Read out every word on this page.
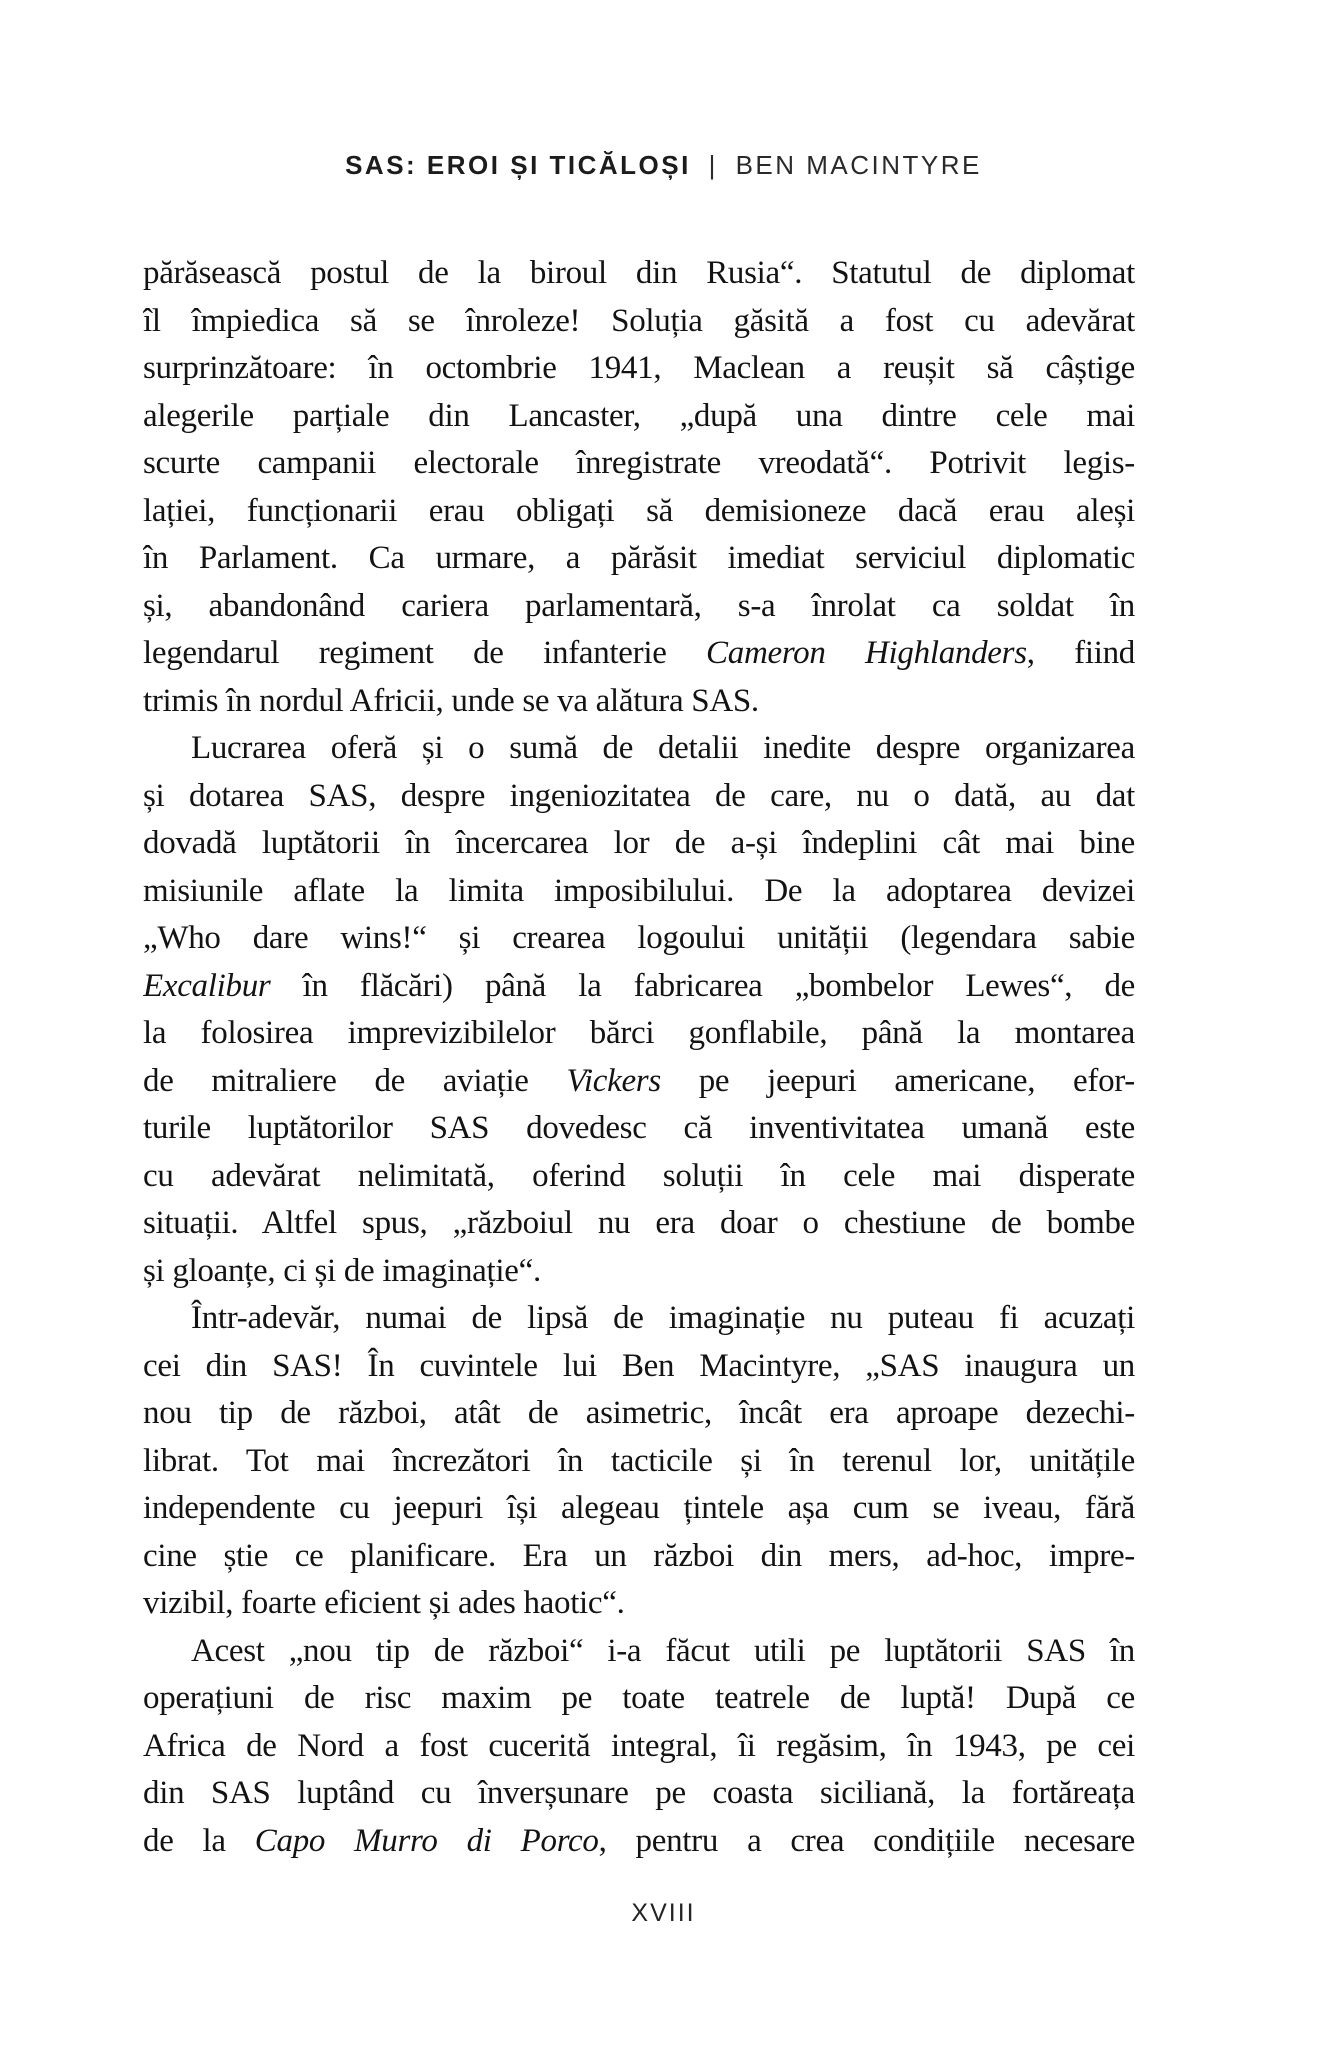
SAS: EROI ȘI TICĂLOȘI | BEN MACINTYRE
părăsească postul de la biroul din Rusia“. Statutul de diplomat
îl împiedica să se înroleze! Soluția găsită a fost cu adevărat
surprinzătoare: în octombrie 1941, Maclean a reușit să câștige
alegerile parțiale din Lancaster, „după una dintre cele mai
scurte campanii electorale înregistrate vreodată“. Potrivit legis-
lației, funcționarii erau obligați să demisioneze dacă erau aleși
în Parlament. Ca urmare, a părăsit imediat serviciul diplomatic
și, abandonând cariera parlamentară, s-a înrolat ca soldat în
legendarul regiment de infanterie Cameron Highlanders, fiind
trimis în nordul Africii, unde se va alătura SAS.
Lucrarea oferă și o sumă de detalii inedite despre organizarea
și dotarea SAS, despre ingeniozitatea de care, nu o dată, au dat
dovadă luptătorii în încercarea lor de a-și îndeplini cât mai bine
misiunile aflate la limita imposibilului. De la adoptarea devizei
„Who dare wins!“ și crearea logoului unității (legendara sabie
Excalibur în flăcări) până la fabricarea „bombelor Lewes“, de
la folosirea imprevizibilelor bărci gonflabile, până la montarea
de mitraliere de aviație Vickers pe jeepuri americane, efor-
turile luptătorilor SAS dovedesc că inventivitatea umană este
cu adevărat nelimitată, oferind soluții în cele mai disperate
situații. Altfel spus, „războiul nu era doar o chestiune de bombe
și gloanțe, ci și de imaginație“.
Într-adevăr, numai de lipsă de imaginație nu puteau fi acuzați
cei din SAS! În cuvintele lui Ben Macintyre, „SAS inaugura un
nou tip de război, atât de asimetric, încât era aproape dezechi-
librat. Tot mai încrezători în tacticile și în terenul lor, unitățile
independente cu jeepuri își alegeau țintele așa cum se iveau, fără
cine știe ce planificare. Era un război din mers, ad-hoc, impre-
vizibil, foarte eficient și ades haotic“.
Acest „nou tip de război“ i-a făcut utili pe luptătorii SAS în
operațiuni de risc maxim pe toate teatrele de luptă! După ce
Africa de Nord a fost cucerită integral, îi regăsim, în 1943, pe cei
din SAS luptând cu înverșunare pe coasta siciliană, la fortăreața
de la Capo Murro di Porco, pentru a crea condițiile necesare
XVIII
